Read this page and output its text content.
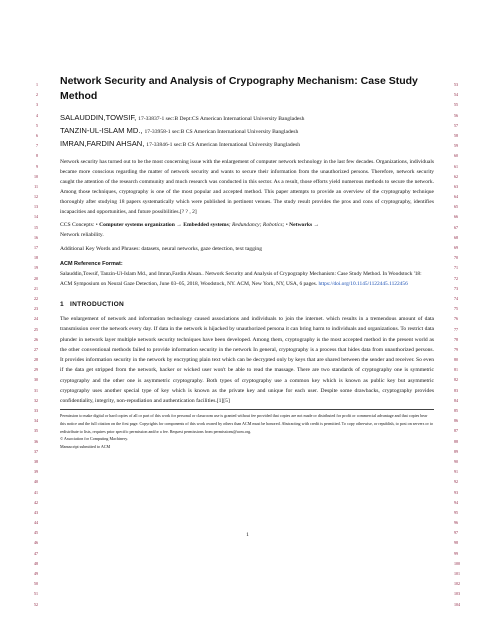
1
2
3
4
5
6
7
8
9
10
11
12
13
14
15
16
17
18
19
20
21
22
23
24
25
26
27
28
29
30
31
32
33
34
35
36
37
38
39
40
41
42
43
44
45
46
47
48
49
50
51
52
53
54
55
56
57
58
59
60
61
62
63
64
65
66
67
68
69
70
71
72
73
74
75
76
77
78
79
80
81
82
83
84
85
86
87
88
89
90
91
92
93
94
95
96
97
98
99
100
101
102
103
104
Network Security and Analysis of Crypography Mechanism: Case Study Method
SALAUDDIN,TOWSIF, 17-33837-1 sec:B Dept:CS American International University Bangladesh
TANZIN-UL-ISLAM MD., 17-33958-1 sec:B CS American International University Bangladesh
IMRAN,FARDIN AHSAN, 17-33846-1 sec:B CS American International University Bangladesh
Network security has turned out to be the most concerning issue with the enlargement of computer network technology in the last few decades. Organizations, individuals became more conscious regarding the matter of network security and wants to secure their information from the unauthorized persons. Therefore, network security caught the attention of the research community and much research was conducted in this sector. As a result, those efforts yield numerous methods to secure the network. Among those techniques, cryptography is one of the most popular and accepted method. This paper attempts to provide an overview of the cryptography technique thoroughly after studying 18 papers systematically which were published in pertinent venues. The study result provides the pros and cons of cryptography, identifies incapacities and opportunities, and future possibilities.[? ? , 2]
CCS Concepts: • Computer systems organization → Embedded systems; Redundancy; Robotics; • Networks →
Network reliability.
Additional Key Words and Phrases: datasets, neural networks, gaze detection, text tagging
ACM Reference Format:
Salauddin,Towsif, Tanzin-Ul-Islam Md., and Imran,Fardin Ahsan.. Network Security and Analysis of Crypography Mechanism: Case Study Method. In Woodstock '18: ACM Symposium on Neural Gaze Detection, June 03–05, 2018, Woodstock, NY. ACM, New York, NY, USA, 6 pages. https://doi.org/10.1145/1122445.1122456
1 INTRODUCTION
The enlargement of network and information technology caused associations and individuals to join the internet. which results in a tremendous amount of data transmission over the network every day. If data in the network is hijacked by unauthorized persona it can bring harm to individuals and organizations. To restrict data plunder in network layer multiple network security techniques have been developed. Among them, cryptography is the most accepted method in the present world as the other conventional methods failed to provide information security in the network In general, cryptography is a process that hides data from unauthorized persons. It provides information security in the network by encrypting plain text which can be decrypted only by keys that are shared between the sender and receiver. So even if the data get stripped from the network, hacker or wicked user won't be able to read the massage. There are two standards of cryptography one is symmetric cryptography and the other one is asymmetric cryptography. Both types of cryptography use a common key which is known as public key but asymmetric cryptography uses another special type of key which is known as the private key and unique for each user. Despite some drawbacks, cryptography provides confidentiality, integrity, non-repudiation and authentication facilities.[1][5]
Permission to make digital or hard copies of all or part of this work for personal or classroom use is granted without fee provided that copies are not made or distributed for profit or commercial advantage and that copies bear this notice and the full citation on the first page. Copyrights for components of this work owned by others than ACM must be honored. Abstracting with credit is permitted. To copy otherwise, or republish, to post on servers or to redistribute to lists, requires prior specific permission and/or a fee. Request permissions from permissions@acm.org.
© Association for Computing Machinery.
Manuscript submitted to ACM
1
